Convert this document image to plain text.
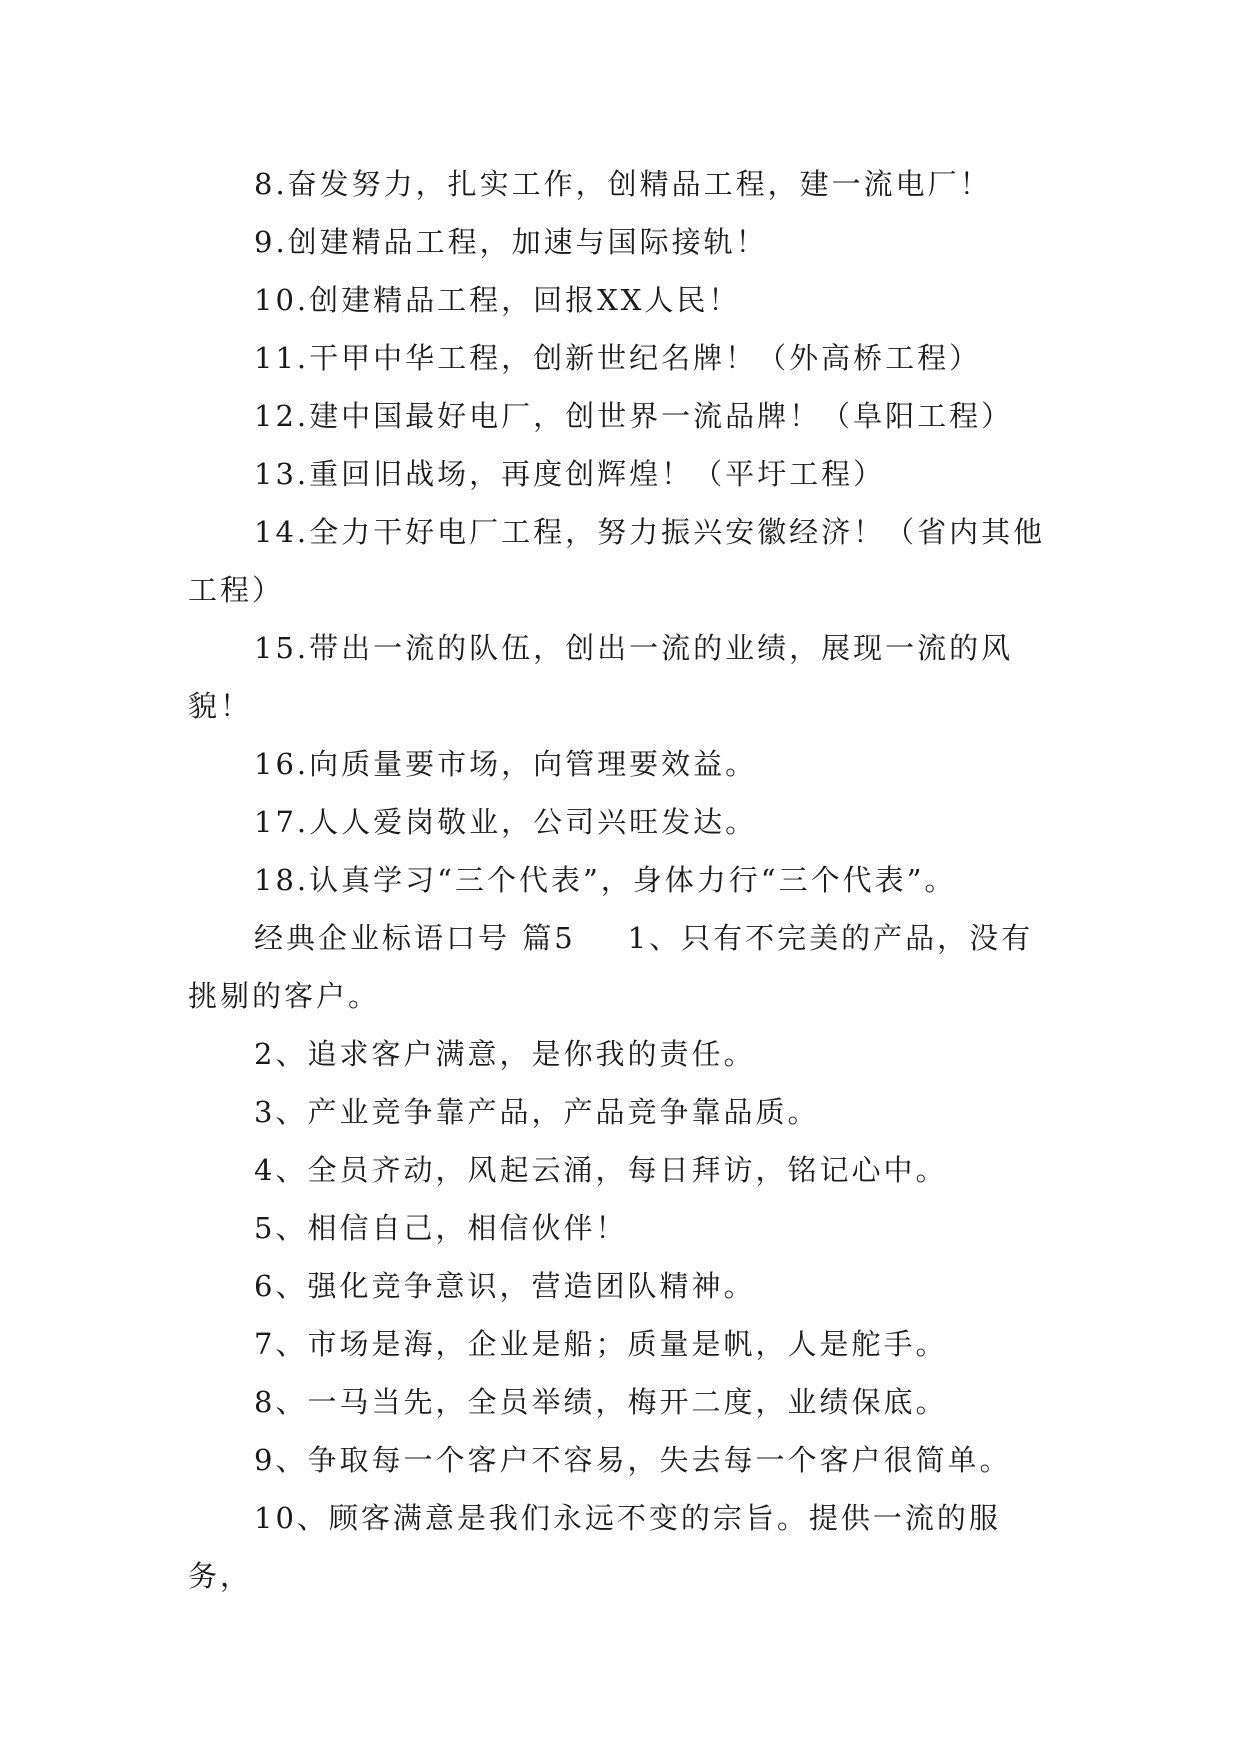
8.奋发努力，扎实工作，创精品工程，建一流电厂！

9.创建精品工程，加速与国际接轨！

10.创建精品工程，回报XX人民！

11.干甲中华工程，创新世纪名牌！（外高桥工程）

12.建中国最好电厂，创世界一流品牌！（阜阳工程）

13.重回旧战场，再度创辉煌！（平圩工程）

14.全力干好电厂工程，努力振兴安徽经济！（省内其他工程）

15.带出一流的队伍，创出一流的业绩，展现一流的风貌！

16.向质量要市场，向管理要效益。

17.人人爱岗敬业，公司兴旺发达。

18.认真学习“三个代表”，身体力行“三个代表”。

经典企业标语口号 篇5 1、只有不完美的产品，没有挑剔的客户。

2、追求客户满意，是你我的责任。

3、产业竞争靠产品，产品竞争靠品质。

4、全员齐动，风起云涌，每日拜访，铭记心中。

5、相信自己，相信伙伴！

6、强化竞争意识，营造团队精神。

7、市场是海，企业是船；质量是帆，人是舵手。

8、一马当先，全员举绩，梅开二度，业绩保底。

9、争取每一个客户不容易，失去每一个客户很简单。

10、顾客满意是我们永远不变的宗旨。提供一流的服务，
